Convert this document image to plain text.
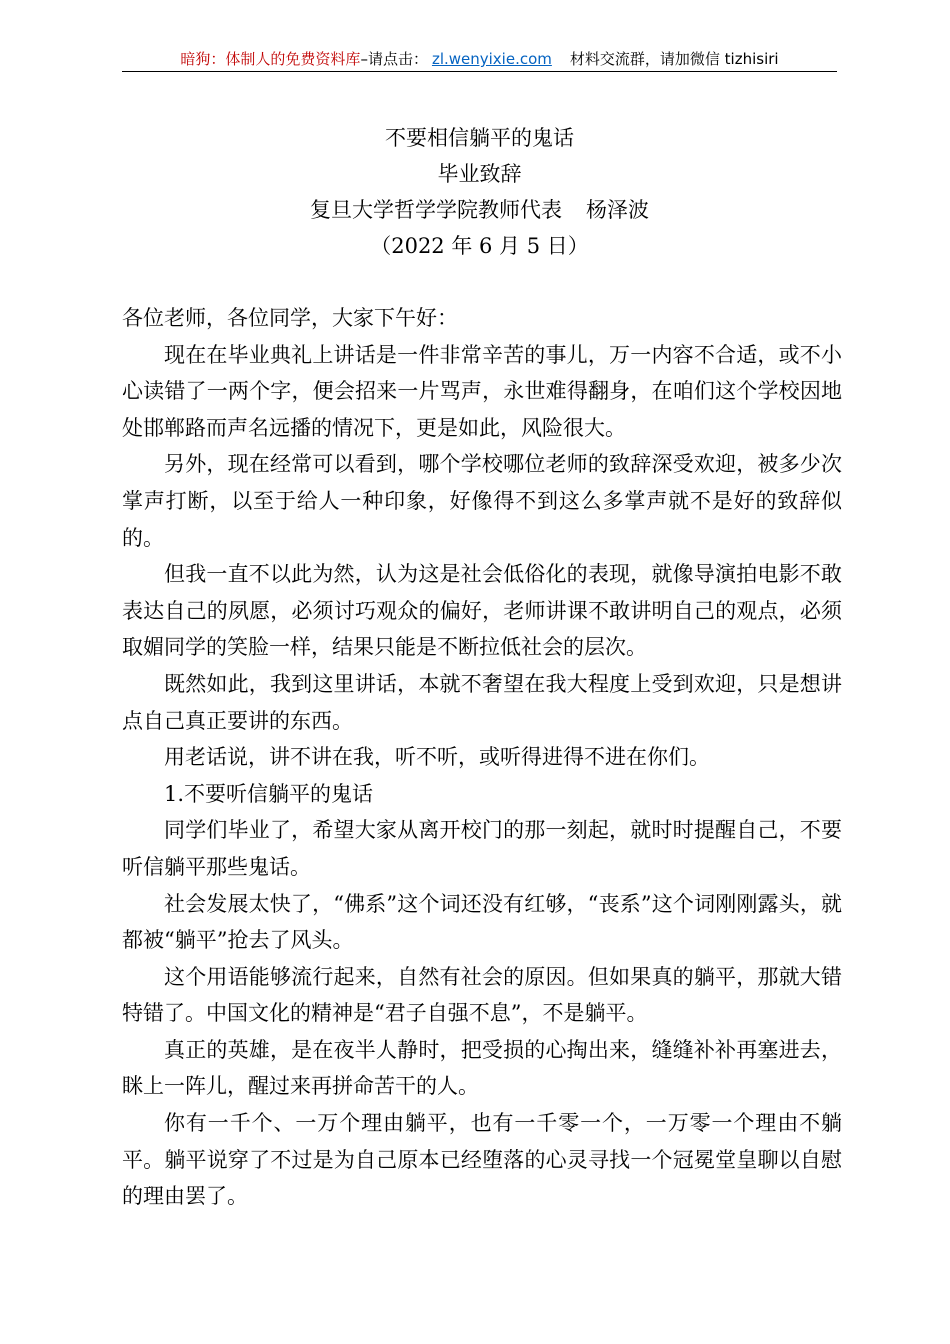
暗狗：体制人的免费资料库–请点击： zl.wenyixie.com 材料交流群，请加微信 tizhisiri
不要相信躺平的鬼话
毕业致辞
复旦大学哲学学院教师代表 杨泽波
（2022 年 6 月 5 日）

各位老师，各位同学，大家下午好：

现在在毕业典礼上讲话是一件非常辛苦的事儿，万一内容不合适，或不小心读错了一两个字，便会招来一片骂声，永世难得翻身，在咱们这个学校因地处邯郸路而声名远播的情况下，更是如此，风险很大。

另外，现在经常可以看到，哪个学校哪位老师的致辞深受欢迎，被多少次掌声打断，以至于给人一种印象，好像得不到这么多掌声就不是好的致辞似的。

但我一直不以此为然，认为这是社会低俗化的表现，就像导演拍电影不敢表达自己的夙愿，必须讨巧观众的偏好，老师讲课不敢讲明自己的观点，必须取媚同学的笑脸一样，结果只能是不断拉低社会的层次。

既然如此，我到这里讲话，本就不奢望在我大程度上受到欢迎，只是想讲点自己真正要讲的东西。

用老话说，讲不讲在我，听不听，或听得进得不进在你们。

1.不要听信躺平的鬼话

同学们毕业了，希望大家从离开校门的那一刻起，就时时提醒自己，不要听信躺平那些鬼话。

社会发展太快了，“佛系”这个词还没有红够，“丧系”这个词刚刚露头，就都被“躺平”抢去了风头。

这个用语能够流行起来，自然有社会的原因。但如果真的躺平，那就大错特错了。中国文化的精神是“君子自强不息”，不是躺平。

真正的英雄，是在夜半人静时，把受损的心掏出来，缝缝补补再塞进去，眯上一阵儿，醒过来再拼命苦干的人。

你有一千个、一万个理由躺平，也有一千零一个，一万零一个理由不躺平。躺平说穿了不过是为自己原本已经堕落的心灵寻找一个冠冕堂皇聊以自慰的理由罢了。
